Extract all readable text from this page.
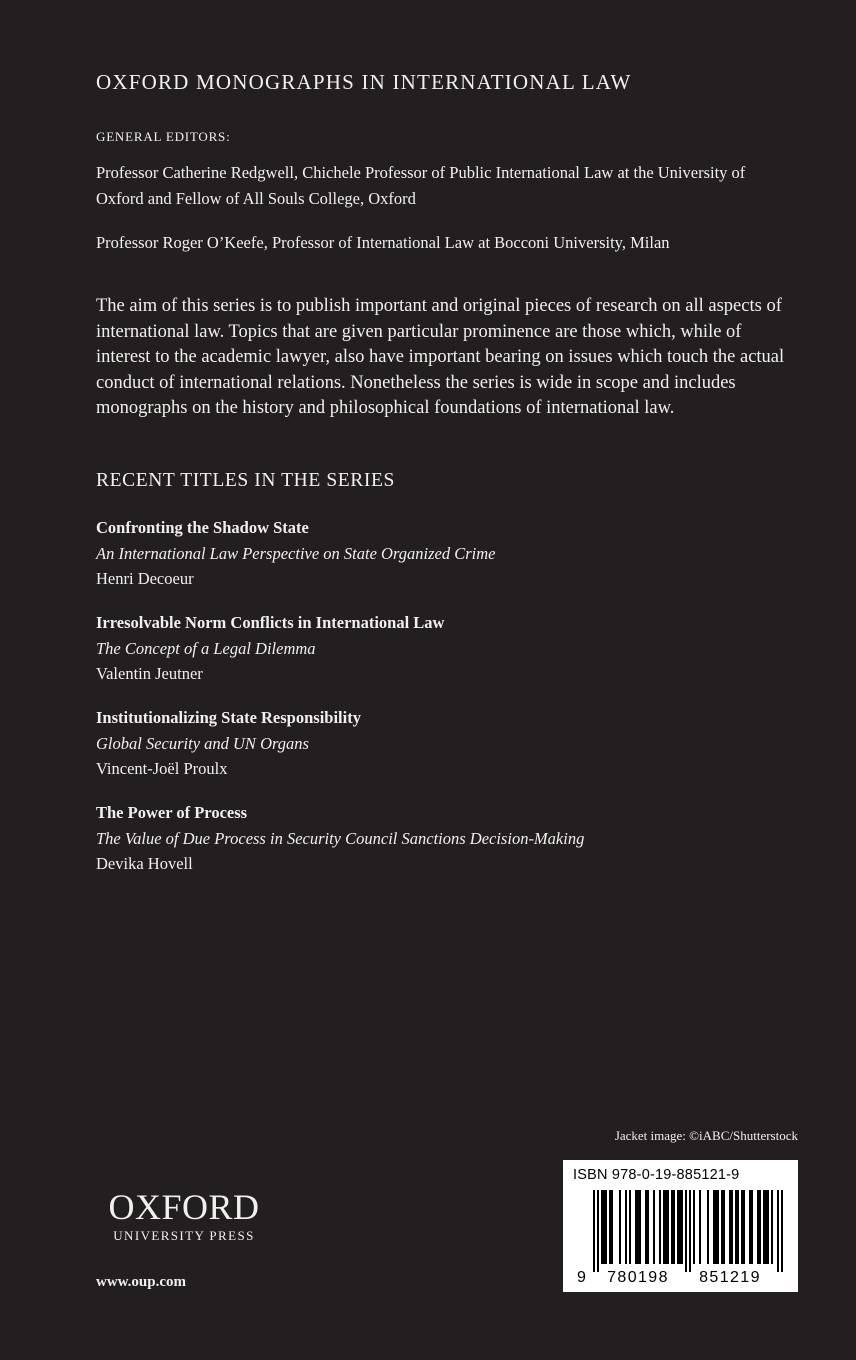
OXFORD MONOGRAPHS IN INTERNATIONAL LAW
GENERAL EDITORS:
Professor Catherine Redgwell, Chichele Professor of Public International Law at the University of Oxford and Fellow of All Souls College, Oxford
Professor Roger O’Keefe, Professor of International Law at Bocconi University, Milan
The aim of this series is to publish important and original pieces of research on all aspects of international law. Topics that are given particular prominence are those which, while of interest to the academic lawyer, also have important bearing on issues which touch the actual conduct of international relations. Nonetheless the series is wide in scope and includes monographs on the history and philosophical foundations of international law.
RECENT TITLES IN THE SERIES
Confronting the Shadow State
An International Law Perspective on State Organized Crime
Henri Decoeur
Irresolvable Norm Conflicts in International Law
The Concept of a Legal Dilemma
Valentin Jeutner
Institutionalizing State Responsibility
Global Security and UN Organs
Vincent-Joël Proulx
The Power of Process
The Value of Due Process in Security Council Sanctions Decision-Making
Devika Hovell
OXFORD
UNIVERSITY PRESS
www.oup.com
Jacket image: ©iABC/Shutterstock
ISBN 978-0-19-885121-9
9 780198 851219
